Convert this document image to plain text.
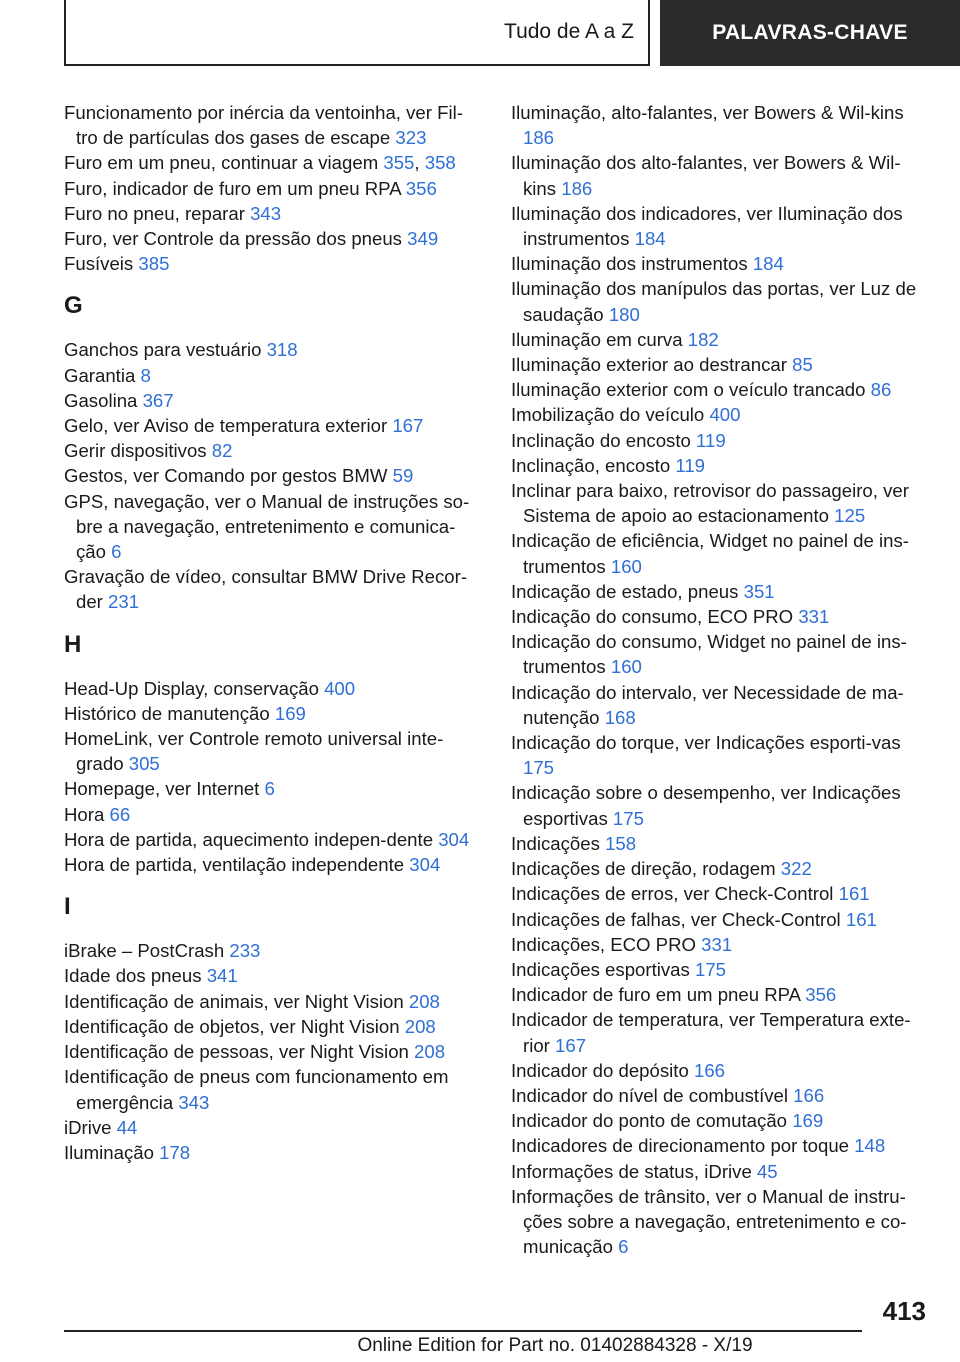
Tudo de A a Z	PALAVRAS-CHAVE
Funcionamento por inércia da ventoinha, ver Fil‐tro de partículas dos gases de escape 323
Furo em um pneu, continuar a viagem 355, 358
Furo, indicador de furo em um pneu RPA 356
Furo no pneu, reparar 343
Furo, ver Controle da pressão dos pneus 349
Fusíveis 385
G
Ganchos para vestuário 318
Garantia 8
Gasolina 367
Gelo, ver Aviso de temperatura exterior 167
Gerir dispositivos 82
Gestos, ver Comando por gestos BMW 59
GPS, navegação, ver o Manual de instruções so‐bre a navegação, entretenimento e comunica‐ção 6
Gravação de vídeo, consultar BMW Drive Recor‐der 231
H
Head-Up Display, conservação 400
Histórico de manutenção 169
HomeLink, ver Controle remoto universal inte‐grado 305
Homepage, ver Internet 6
Hora 66
Hora de partida, aquecimento indepen‐dente 304
Hora de partida, ventilação independente 304
I
iBrake – PostCrash 233
Idade dos pneus 341
Identificação de animais, ver Night Vision 208
Identificação de objetos, ver Night Vision 208
Identificação de pessoas, ver Night Vision 208
Identificação de pneus com funcionamento em emergência 343
iDrive 44
Iluminação 178
Iluminação, alto-falantes, ver Bowers & Wil‐kins 186
Iluminação dos alto-falantes, ver Bowers & Wil‐kins 186
Iluminação dos indicadores, ver Iluminação dos instrumentos 184
Iluminação dos instrumentos 184
Iluminação dos manípulos das portas, ver Luz de saudação 180
Iluminação em curva 182
Iluminação exterior ao destrancar 85
Iluminação exterior com o veículo trancado 86
Imobilização do veículo 400
Inclinação do encosto 119
Inclinação, encosto 119
Inclinar para baixo, retrovisor do passageiro, ver Sistema de apoio ao estacionamento 125
Indicação de eficiência, Widget no painel de ins‐trumentos 160
Indicação de estado, pneus 351
Indicação do consumo, ECO PRO 331
Indicação do consumo, Widget no painel de ins‐trumentos 160
Indicação do intervalo, ver Necessidade de ma‐nutenção 168
Indicação do torque, ver Indicações esporti‐vas 175
Indicação sobre o desempenho, ver Indicações esportivas 175
Indicações 158
Indicações de direção, rodagem 322
Indicações de erros, ver Check-Control 161
Indicações de falhas, ver Check-Control 161
Indicações, ECO PRO 331
Indicações esportivas 175
Indicador de furo em um pneu RPA 356
Indicador de temperatura, ver Temperatura exte‐rior 167
Indicador do depósito 166
Indicador do nível de combustível 166
Indicador do ponto de comutação 169
Indicadores de direcionamento por toque 148
Informações de status, iDrive 45
Informações de trânsito, ver o Manual de instru‐ções sobre a navegação, entretenimento e co‐municação 6
413
Online Edition for Part no. 01402884328 - X/19
